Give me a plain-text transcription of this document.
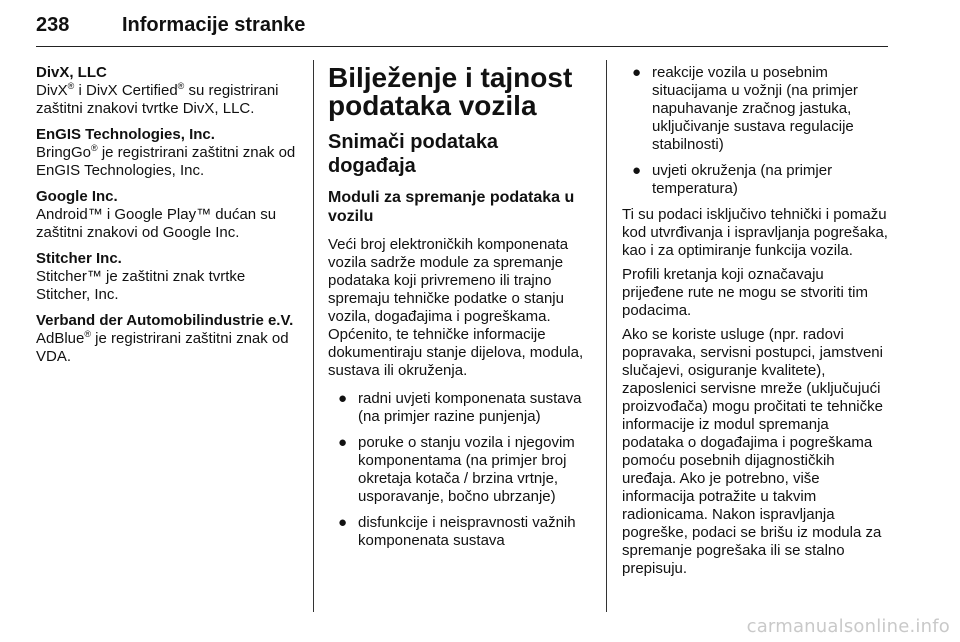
238	Informacije stranke
DivX, LLC
DivX® i DivX Certified® su registrirani zaštitni znakovi tvrtke DivX, LLC.
EnGIS Technologies, Inc.
BringGo® je registrirani zaštitni znak od EnGIS Technologies, Inc.
Google Inc.
Android™ i Google Play™ dućan su zaštitni znakovi od Google Inc.
Stitcher Inc.
Stitcher™ je zaštitni znak tvrtke Stitcher, Inc.
Verband der Automobilindustrie e.V.
AdBlue® je registrirani zaštitni znak od VDA.
Bilježenje i tajnost podataka vozila
Snimači podataka događaja
Moduli za spremanje podataka u vozilu
Veći broj elektroničkih komponenata vozila sadrže module za spremanje podataka koji privremeno ili trajno spremaju tehničke podatke o stanju vozila, događajima i pogreškama. Općenito, te tehničke informacije dokumentiraju stanje dijelova, modula, sustava ili okruženja.
● radni uvjeti komponenata sustava (na primjer razine punjenja)
● poruke o stanju vozila i njegovim komponentama (na primjer broj okretaja kotača / brzina vrtnje, usporavanje, bočno ubrzanje)
● disfunkcije i neispravnosti važnih komponenata sustava
● reakcije vozila u posebnim situacijama u vožnji (na primjer napuhavanje zračnog jastuka, uključivanje sustava regulacije stabilnosti)
● uvjeti okruženja (na primjer temperatura)
Ti su podaci isključivo tehnički i pomažu kod utvrđivanja i ispravljanja pogrešaka, kao i za optimiranje funkcija vozila.
Profili kretanja koji označavaju prijeđene rute ne mogu se stvoriti tim podacima.
Ako se koriste usluge (npr. radovi popravaka, servisni postupci, jamstveni slučajevi, osiguranje kvalitete), zaposlenici servisne mreže (uključujući proizvođača) mogu pročitati te tehničke informacije iz modul spremanja podataka o događajima i pogreškama pomoću posebnih dijagnostičkih uređaja. Ako je potrebno, više informacija potražite u takvim radionicama. Nakon ispravljanja pogreške, podaci se brišu iz modula za spremanje pogrešaka ili se stalno prepisuju.
carmanualsonline.info
